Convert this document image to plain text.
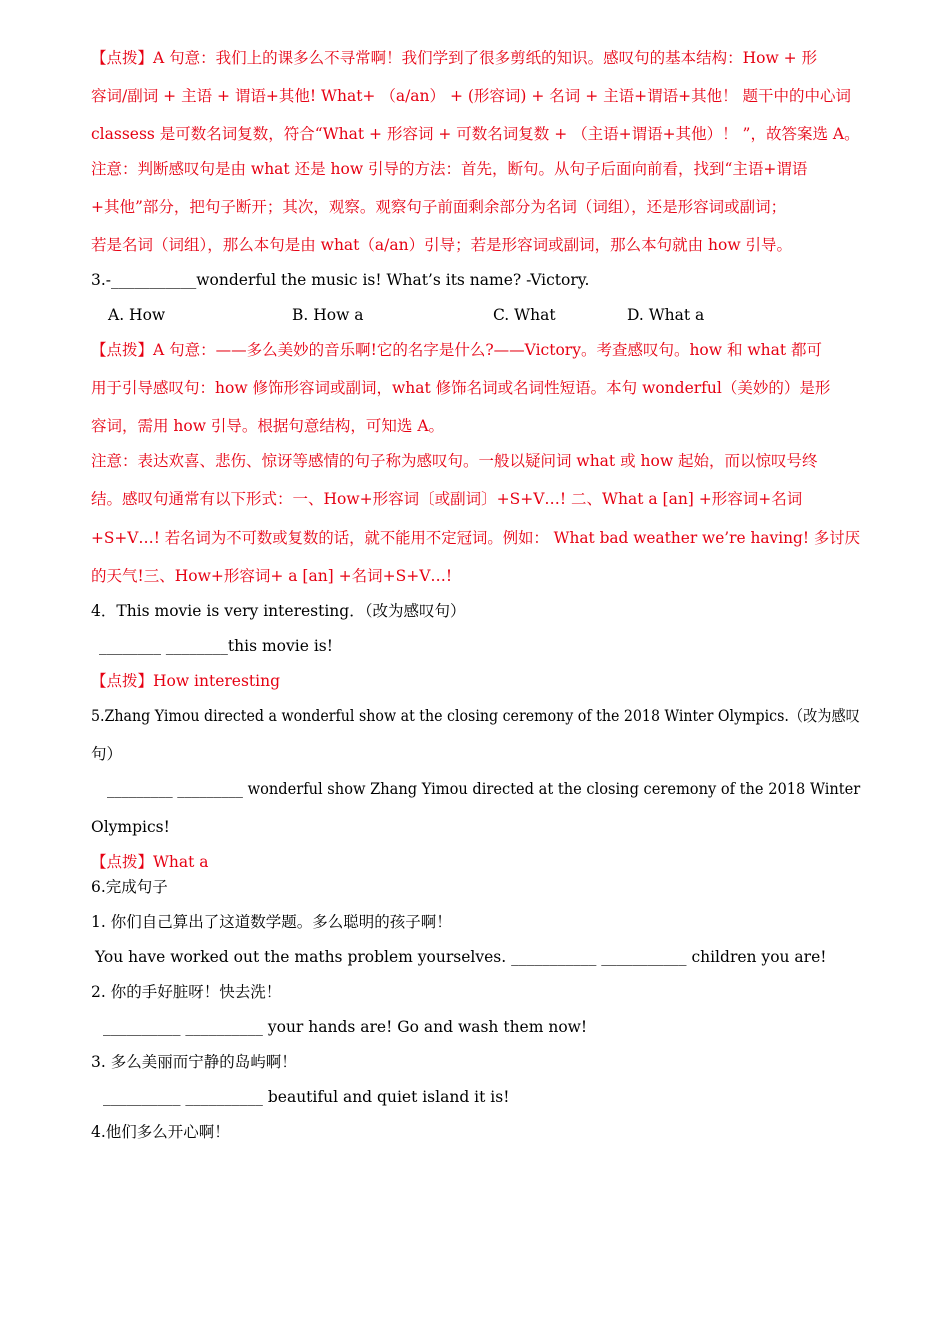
【点拨】A 句意：我们上的课多么不寻常啊！我们学到了很多剪纸的知识。感叹句的基本结构：How + 形
容词/副词 + 主语 + 谓语+其他! What+ （a/an） + (形容词) + 名词 + 主语+谓语+其他！ 题干中的中心词
classess 是可数名词复数，符合“What + 形容词 + 可数名词复数 + （主语+谓语+其他）！ ”，故答案选 A。
注意：判断感叹句是由 what 还是 how 引导的方法：首先，断句。从句子后面向前看，找到“主语+谓语
+其他”部分，把句子断开；其次，观察。观察句子前面剩余部分为名词（词组），还是形容词或副词；
若是名词（词组），那么本句是由 what（a/an）引导；若是形容词或副词，那么本句就由 how 引导。
3.-___________wonderful the music is! What’s its name? -Victory.
A. How	B. How a	C. What	D. What a
【点拨】A 句意：——多么美妙的音乐啊!它的名字是什么?——Victory。考查感叹句。how 和 what 都可
用于引导感叹句：how 修饰形容词或副词，what 修饰名词或名词性短语。本句 wonderful（美妙的）是形
容词，需用 how 引导。根据句意结构，可知选 A。
注意：表达欢喜、悲伤、惊讶等感情的句子称为感叹句。一般以疑问词 what 或 how 起始，而以惊叹号终
结。感叹句通常有以下形式：一、How+形容词〔或副词〕+S+V…! 二、What a [an] +形容词+名词
+S+V…! 若名词为不可数或复数的话，就不能用不定冠词。例如： What bad weather we’re having! 多讨厌
的天气!三、How+形容词+ a [an] +名词+S+V…!
4．This movie is very interesting．（改为感叹句）
________ ________this movie is!
【点拨】How interesting
5.Zhang Yimou directed a wonderful show at the closing ceremony of the 2018 Winter Olympics.（改为感叹
句）
_________ _________ wonderful show Zhang Yimou directed at the closing ceremony of the 2018 Winter
Olympics!
【点拨】What a
6.完成句子
1. 你们自己算出了这道数学题。多么聪明的孩子啊！
You have worked out the maths problem yourselves. ___________ ___________ children you are!
2. 你的手好脏呀！快去洗！
__________ __________ your hands are! Go and wash them now!
3. 多么美丽而宁静的岛屿啊！
__________ __________ beautiful and quiet island it is!
4.他们多么开心啊！
